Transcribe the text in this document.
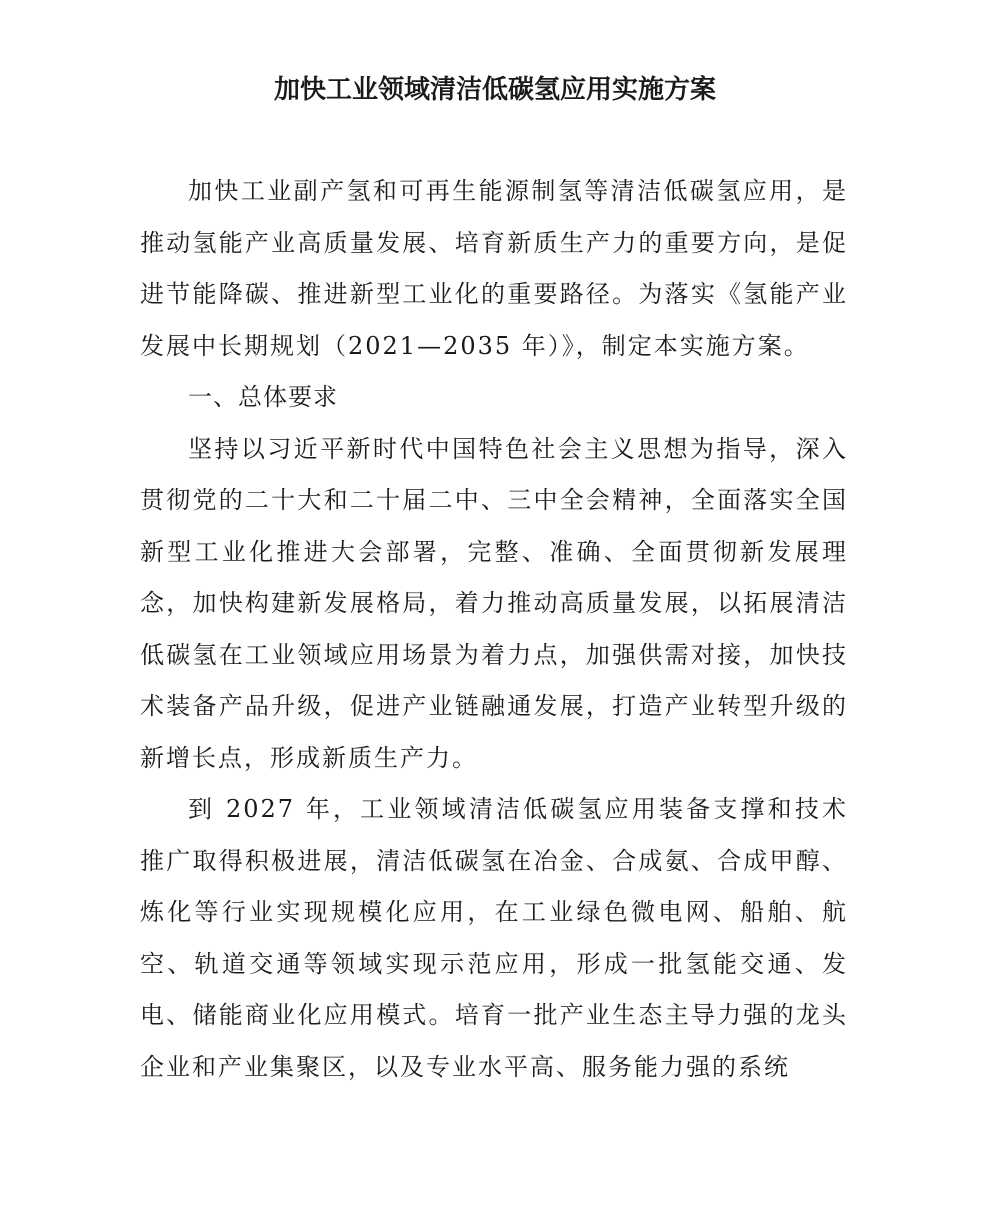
加快工业领域清洁低碳氢应用实施方案

加快工业副产氢和可再生能源制氢等清洁低碳氢应用，是推动氢能产业高质量发展、培育新质生产力的重要方向，是促进节能降碳、推进新型工业化的重要路径。为落实《氢能产业发展中长期规划（2021—2035 年）》，制定本实施方案。

一、总体要求

坚持以习近平新时代中国特色社会主义思想为指导，深入贯彻党的二十大和二十届二中、三中全会精神，全面落实全国新型工业化推进大会部署，完整、准确、全面贯彻新发展理念，加快构建新发展格局，着力推动高质量发展，以拓展清洁低碳氢在工业领域应用场景为着力点，加强供需对接，加快技术装备产品升级，促进产业链融通发展，打造产业转型升级的新增长点，形成新质生产力。

到 2027 年，工业领域清洁低碳氢应用装备支撑和技术推广取得积极进展，清洁低碳氢在冶金、合成氨、合成甲醇、炼化等行业实现规模化应用，在工业绿色微电网、船舶、航空、轨道交通等领域实现示范应用，形成一批氢能交通、发电、储能商业化应用模式。培育一批产业生态主导力强的龙头企业和产业集聚区，以及专业水平高、服务能力强的系统
